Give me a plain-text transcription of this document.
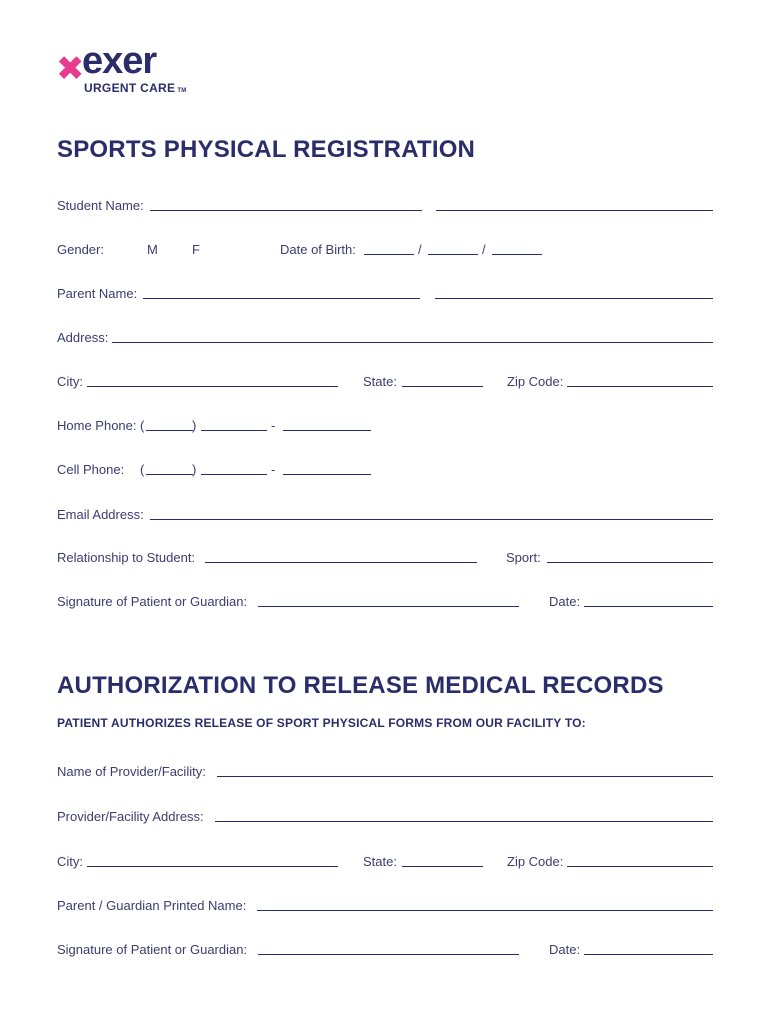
✖
exer
URGENT CARE TM
SPORTS PHYSICAL REGISTRATION
Student Name:
Gender:	M	F	Date of Birth:	/	/
Parent Name:
Address:
City:	State:	Zip Code:
Home Phone: (	)	-
Cell Phone: (	)	-
Email Address:
Relationship to Student:	Sport:
Signature of Patient or Guardian:	Date:
AUTHORIZATION TO RELEASE MEDICAL RECORDS
PATIENT AUTHORIZES RELEASE OF SPORT PHYSICAL FORMS FROM OUR FACILITY TO:
Name of Provider/Facility:
Provider/Facility Address:
City:	State:	Zip Code:
Parent / Guardian Printed Name:
Signature of Patient or Guardian:	Date:
